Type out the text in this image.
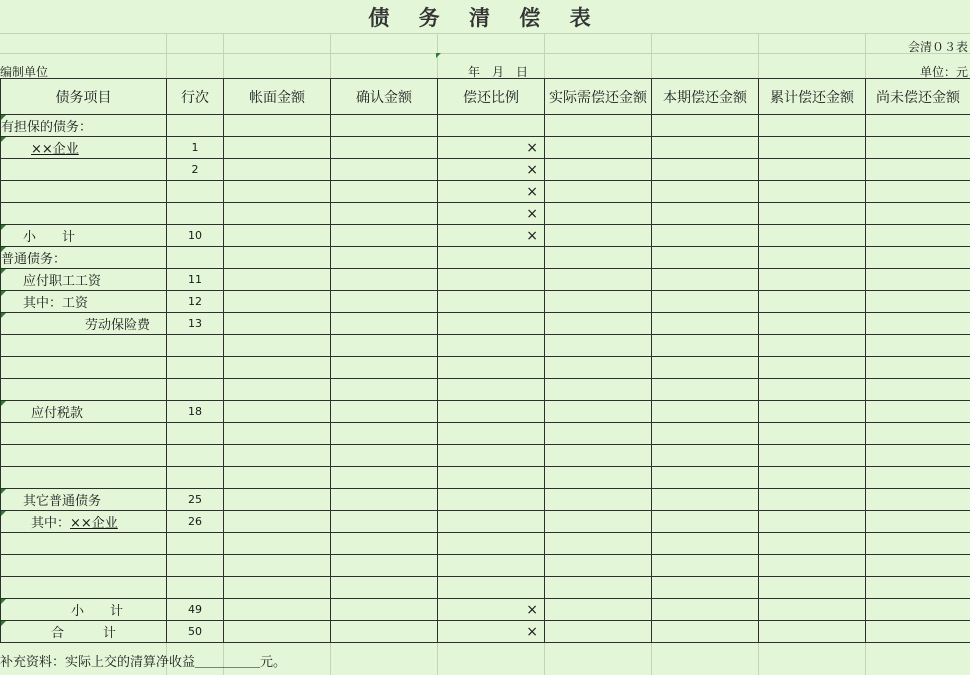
债 务 清 偿 表
会清０３表
编制单位	年　月　日	单位：元
债务项目	行次	帐面金额	确认金额	偿还比例	实际需偿还金额	本期偿还金额	累计偿还金额	尚未偿还金额

有担保的债务：								

××企业	1			×				
	2			×				
				×				
				×				

小　　计	10			×				

普通债务：								

应付职工工资	11							

其中：工资	12							

劳动保险费	13							

应付税款	18							

其它普通债务	25							

其中：××企业	26							

小　　计	49			×				

合　　　计	50			×				
补充资料：实际上交的清算净收益＿＿＿＿＿元。
